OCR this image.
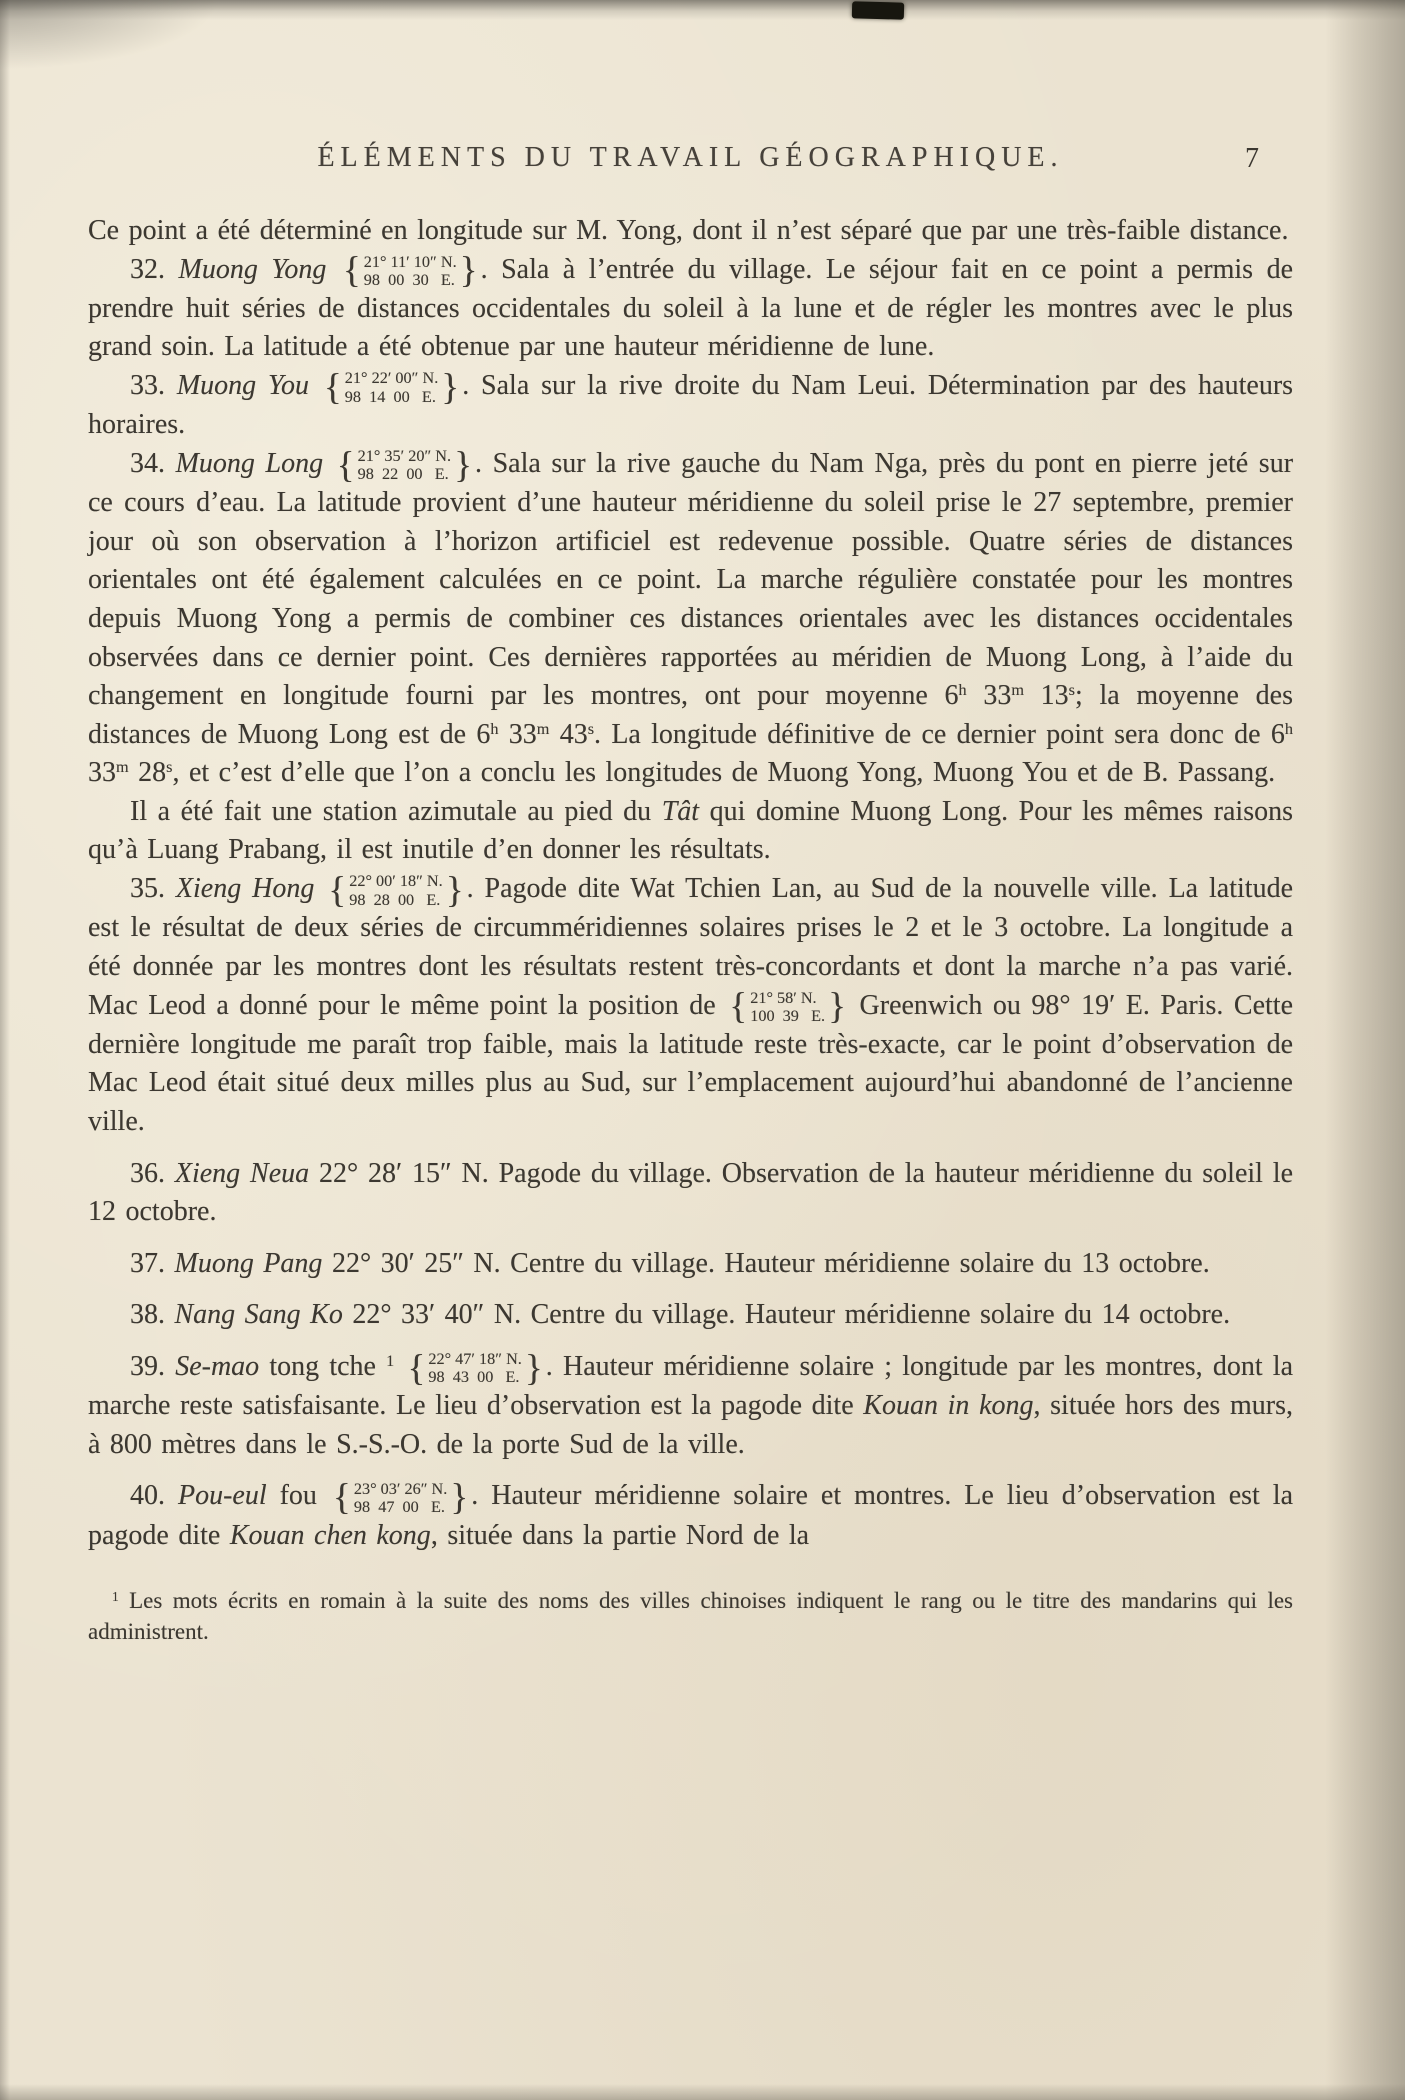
ÉLÉMENTS DU TRAVAIL GÉOGRAPHIQUE.	7

Ce point a été déterminé en longitude sur M. Yong, dont il n’est séparé que par une très-faible distance.

32. Muong Yong { 21° 11′ 10″ N.
98  00  30   E. } . Sala à l’entrée du village. Le séjour fait en ce point a permis de prendre huit séries de distances occidentales du soleil à la lune et de régler les montres avec le plus grand soin. La latitude a été obtenue par une hauteur méridienne de lune.

33. Muong You { 21° 22′ 00″ N.
98  14  00   E. } . Sala sur la rive droite du Nam Leui. Détermination par des hauteurs horaires.

34. Muong Long { 21° 35′ 20″ N.
98  22  00   E. } . Sala sur la rive gauche du Nam Nga, près du pont en pierre jeté sur ce cours d’eau. La latitude provient d’une hauteur méridienne du soleil prise le 27 septembre, premier jour où son observation à l’horizon artificiel est redevenue possible. Quatre séries de distances orientales ont été également calculées en ce point. La marche régulière constatée pour les montres depuis Muong Yong a permis de combiner ces distances orientales avec les distances occidentales observées dans ce dernier point. Ces dernières rapportées au méridien de Muong Long, à l’aide du changement en longitude fourni par les montres, ont pour moyenne 6$^h$ 33$^m$ 13$^s$; la moyenne des distances de Muong Long est de 6$^h$ 33$^m$ 43$^s$. La longitude définitive de ce dernier point sera donc de 6$^h$ 33$^m$ 28$^s$, et c’est d’elle que l’on a conclu les longitudes de Muong Yong, Muong You et de B. Passang.

Il a été fait une station azimutale au pied du Tât qui domine Muong Long. Pour les mêmes raisons qu’à Luang Prabang, il est inutile d’en donner les résultats.

35. Xieng Hong { 22° 00′ 18″ N.
98  28  00   E. } . Pagode dite Wat Tchien Lan, au Sud de la nouvelle ville. La latitude est le résultat de deux séries de circumméridiennes solaires prises le 2 et le 3 octobre. La longitude a été donnée par les montres dont les résultats restent très-concordants et dont la marche n’a pas varié. Mac Leod a donné pour le même point la position de { 21° 58′ N.
100  39   E. } Greenwich ou 98° 19′ E. Paris. Cette dernière longitude me paraît trop faible, mais la latitude reste très-exacte, car le point d’observation de Mac Leod était situé deux milles plus au Sud, sur l’emplacement aujourd’hui abandonné de l’ancienne ville.

36. Xieng Neua 22° 28′ 15″ N. Pagode du village. Observation de la hauteur méridienne du soleil le 12 octobre.

37. Muong Pang 22° 30′ 25″ N. Centre du village. Hauteur méridienne solaire du 13 octobre.

38. Nang Sang Ko 22° 33′ 40″ N. Centre du village. Hauteur méridienne solaire du 14 octobre.

39. Se-mao tong tche $^1$ { 22° 47′ 18″ N.
98  43  00   E. } . Hauteur méridienne solaire ; longitude par les montres, dont la marche reste satisfaisante. Le lieu d’observation est la pagode dite Kouan in kong, située hors des murs, à 800 mètres dans le S.-S.-O. de la porte Sud de la ville.

40. Pou-eul fou { 23° 03′ 26″ N.
98  47  00   E. } . Hauteur méridienne solaire et montres. Le lieu d’observation est la pagode dite Kouan chen kong, située dans la partie Nord de la

$^1$ Les mots écrits en romain à la suite des noms des villes chinoises indiquent le rang ou le titre des mandarins qui les administrent.
